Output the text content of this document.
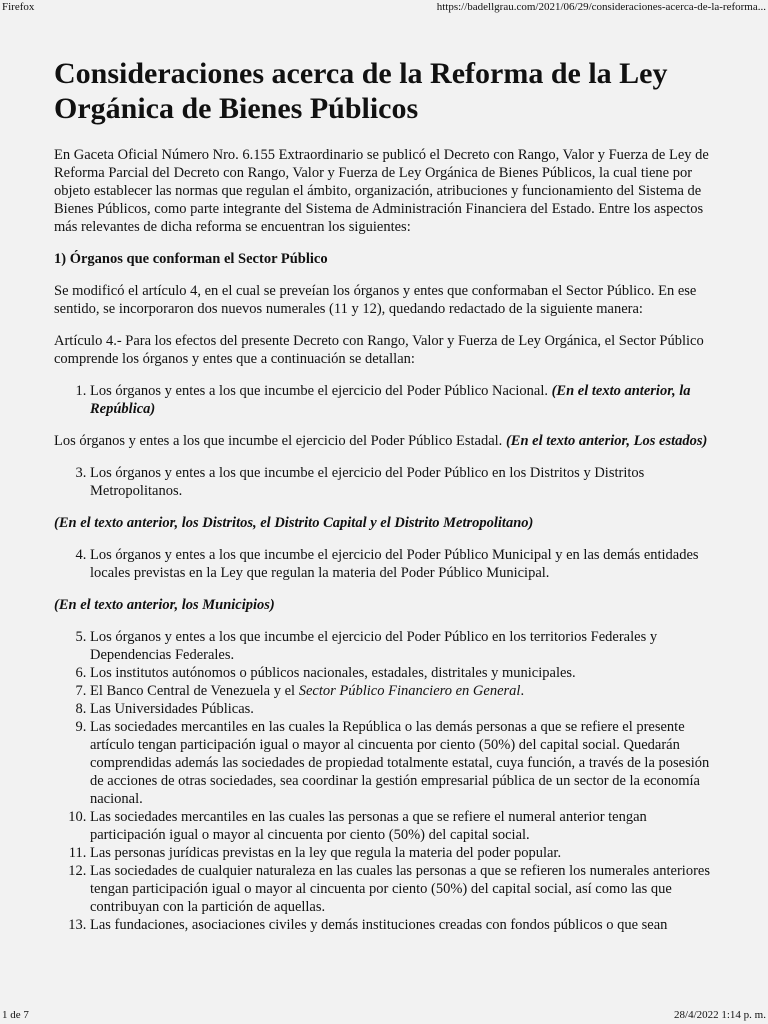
Firefox	https://badellgrau.com/2021/06/29/consideraciones-acerca-de-la-reforma...
Consideraciones acerca de la Reforma de la Ley Orgánica de Bienes Públicos

En Gaceta Oficial Número Nro. 6.155 Extraordinario se publicó el Decreto con Rango, Valor y Fuerza de Ley de Reforma Parcial del Decreto con Rango, Valor y Fuerza de Ley Orgánica de Bienes Públicos, la cual tiene por objeto establecer las normas que regulan el ámbito, organización, atribuciones y funcionamiento del Sistema de Bienes Públicos, como parte integrante del Sistema de Administración Financiera del Estado. Entre los aspectos más relevantes de dicha reforma se encuentran los siguientes:

1) Órganos que conforman el Sector Público

Se modificó el artículo 4, en el cual se preveían los órganos y entes que conformaban el Sector Público. En ese sentido, se incorporaron dos nuevos numerales (11 y 12), quedando redactado de la siguiente manera:

Artículo 4.- Para los efectos del presente Decreto con Rango, Valor y Fuerza de Ley Orgánica, el Sector Público comprende los órganos y entes que a continuación se detallan:

1. Los órganos y entes a los que incumbe el ejercicio del Poder Público Nacional. (En el texto anterior, la República)

Los órganos y entes a los que incumbe el ejercicio del Poder Público Estadal. (En el texto anterior, Los estados)

3. Los órganos y entes a los que incumbe el ejercicio del Poder Público en los Distritos y Distritos Metropolitanos.

(En el texto anterior, los Distritos, el Distrito Capital y el Distrito Metropolitano)

4. Los órganos y entes a los que incumbe el ejercicio del Poder Público Municipal y en las demás entidades locales previstas en la Ley que regulan la materia del Poder Público Municipal.

(En el texto anterior, los Municipios)

5. Los órganos y entes a los que incumbe el ejercicio del Poder Público en los territorios Federales y Dependencias Federales.
6. Los institutos autónomos o públicos nacionales, estadales, distritales y municipales.
7. El Banco Central de Venezuela y el Sector Público Financiero en General.
8. Las Universidades Públicas.
9. Las sociedades mercantiles en las cuales la República o las demás personas a que se refiere el presente artículo tengan participación igual o mayor al cincuenta por ciento (50%) del capital social. Quedarán comprendidas además las sociedades de propiedad totalmente estatal, cuya función, a través de la posesión de acciones de otras sociedades, sea coordinar la gestión empresarial pública de un sector de la economía nacional.
10. Las sociedades mercantiles en las cuales las personas a que se refiere el numeral anterior tengan participación igual o mayor al cincuenta por ciento (50%) del capital social.
11. Las personas jurídicas previstas en la ley que regula la materia del poder popular.
12. Las sociedades de cualquier naturaleza en las cuales las personas a que se refieren los numerales anteriores tengan participación igual o mayor al cincuenta por ciento (50%) del capital social, así como las que contribuyan con la partición de aquellas.
13. Las fundaciones, asociaciones civiles y demás instituciones creadas con fondos públicos o que sean
1 de 7	28/4/2022 1:14 p. m.
